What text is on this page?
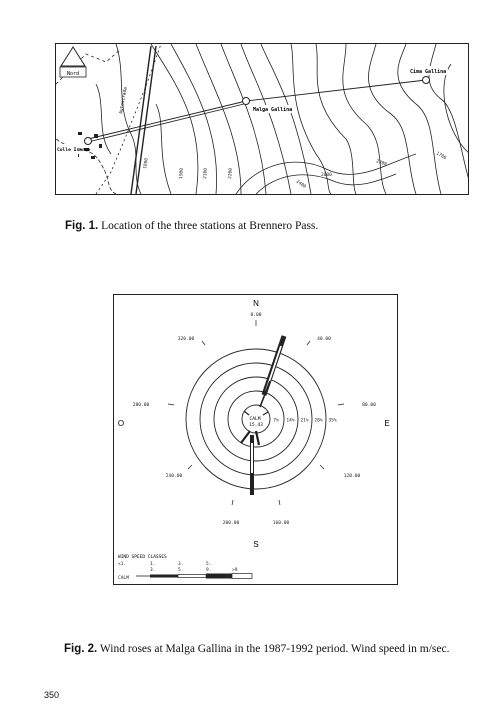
Nord
Malga Gallina
Cima Gallina
Colle Isarco
Autostrada
1800
1900	2100	2200
2300
2400
2000
1700
Fig. 1. Location of the three stations at Brennero Pass.
N
S
E
O
0.00
40.00
80.00
120.00
160.00
200.00
240.00
280.00
320.00
7% 14% 21% 28% 35%
CALM
15.43
WIND SPEED CLASSES
<1.	1.	3.	5.
3.	5.	9.	>9
CALM
Fig. 2. Wind roses at Malga Gallina in the 1987-1992 period. Wind speed in m/sec.
350
